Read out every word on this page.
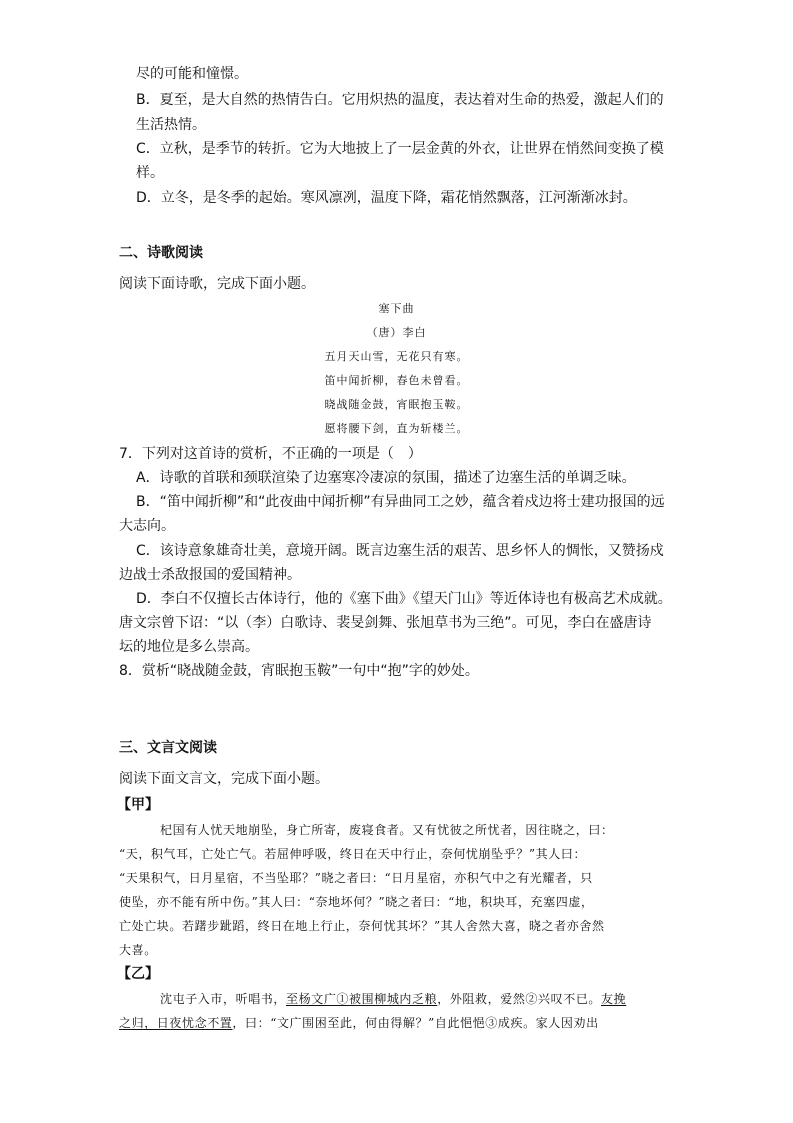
尽的可能和憧憬。
B．夏至，是大自然的热情告白。它用炽热的温度，表达着对生命的热爱，激起人们的
生活热情。
C．立秋，是季节的转折。它为大地披上了一层金黄的外衣，让世界在悄然间变换了模
样。
D．立冬，是冬季的起始。寒风凛冽，温度下降，霜花悄然飘落，江河渐渐冰封。
二、诗歌阅读
阅读下面诗歌，完成下面小题。
塞下曲
（唐）李白
五月天山雪，无花只有寒。
笛中闻折柳，春色未曾看。
晓战随金鼓，宵眠抱玉鞍。
愿将腰下剑，直为斩楼兰。
7．下列对这首诗的赏析，不正确的一项是（　）
A．诗歌的首联和颈联渲染了边塞寒冷凄凉的氛围，描述了边塞生活的单调乏味。
B．“笛中闻折柳”和“此夜曲中闻折柳”有异曲同工之妙，蕴含着戍边将士建功报国的远
大志向。
C．该诗意象雄奇壮美，意境开阔。既言边塞生活的艰苦、思乡怀人的惆怅，又赞扬戍
边战士杀敌报国的爱国精神。
D．李白不仅擅长古体诗行，他的《塞下曲》《望天门山》等近体诗也有极高艺术成就。
唐文宗曾下诏：“以（李）白歌诗、裴旻剑舞、张旭草书为三绝”。可见，李白在盛唐诗
坛的地位是多么崇高。
8．赏析“晓战随金鼓，宵眠抱玉鞍”一句中“抱”字的妙处。
三、文言文阅读
阅读下面文言文，完成下面小题。
【甲】
杞国有人忧天地崩坠，身亡所寄，废寝食者。又有忧彼之所忧者，因往晓之，曰：
“天，积气耳，亡处亡气。若屈伸呼吸，终日在天中行止，奈何忧崩坠乎？”其人曰：
“天果积气，日月星宿，不当坠耶？”晓之者曰：“日月星宿，亦积气中之有光耀者，只
使坠，亦不能有所中伤。”其人曰：“奈地坏何？”晓之者曰：“地，积块耳，充塞四虚，
亡处亡块。若躇步跐蹈，终日在地上行止，奈何忧其坏？”其人舍然大喜，晓之者亦舍然
大喜。
【乙】
沈屯子入市，听唱书，至杨文广①被围柳城内乏粮，外阻救，爱然②兴叹不已。友挽
之归，日夜忧念不置，曰：“文广围困至此，何由得解？”自此悒悒③成疾。家人因劝出
